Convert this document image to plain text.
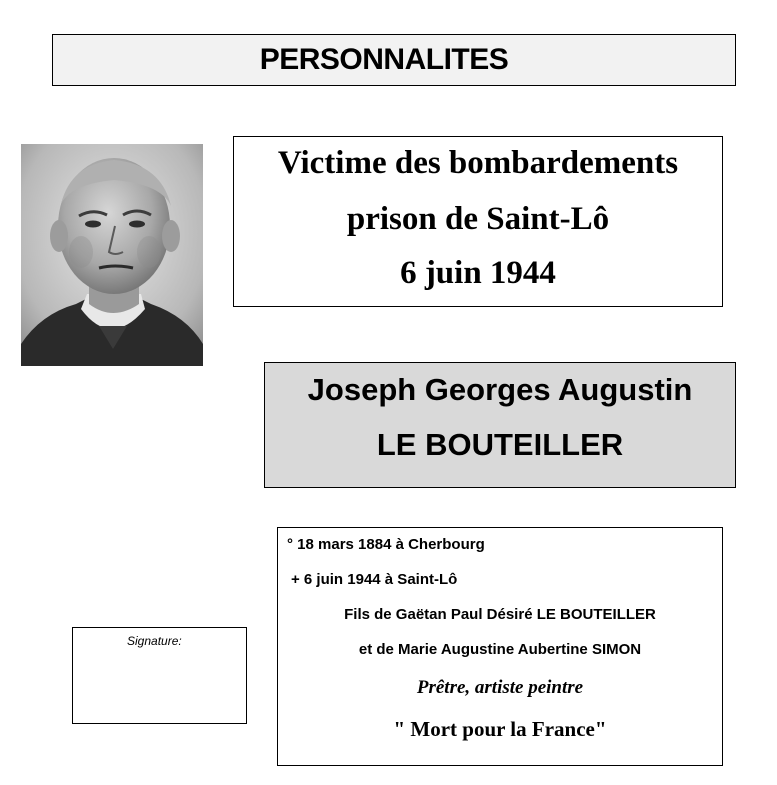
PERSONNALITES
Victime des bombardements
prison de Saint-Lô
6 juin 1944
Joseph Georges Augustin
LE BOUTEILLER
Signature:
° 18 mars 1884 à Cherbourg
+ 6 juin 1944 à Saint-Lô
Fils de Gaëtan Paul Désiré LE BOUTEILLER
et de Marie Augustine Aubertine SIMON
Prêtre, artiste peintre
" Mort pour la France"
